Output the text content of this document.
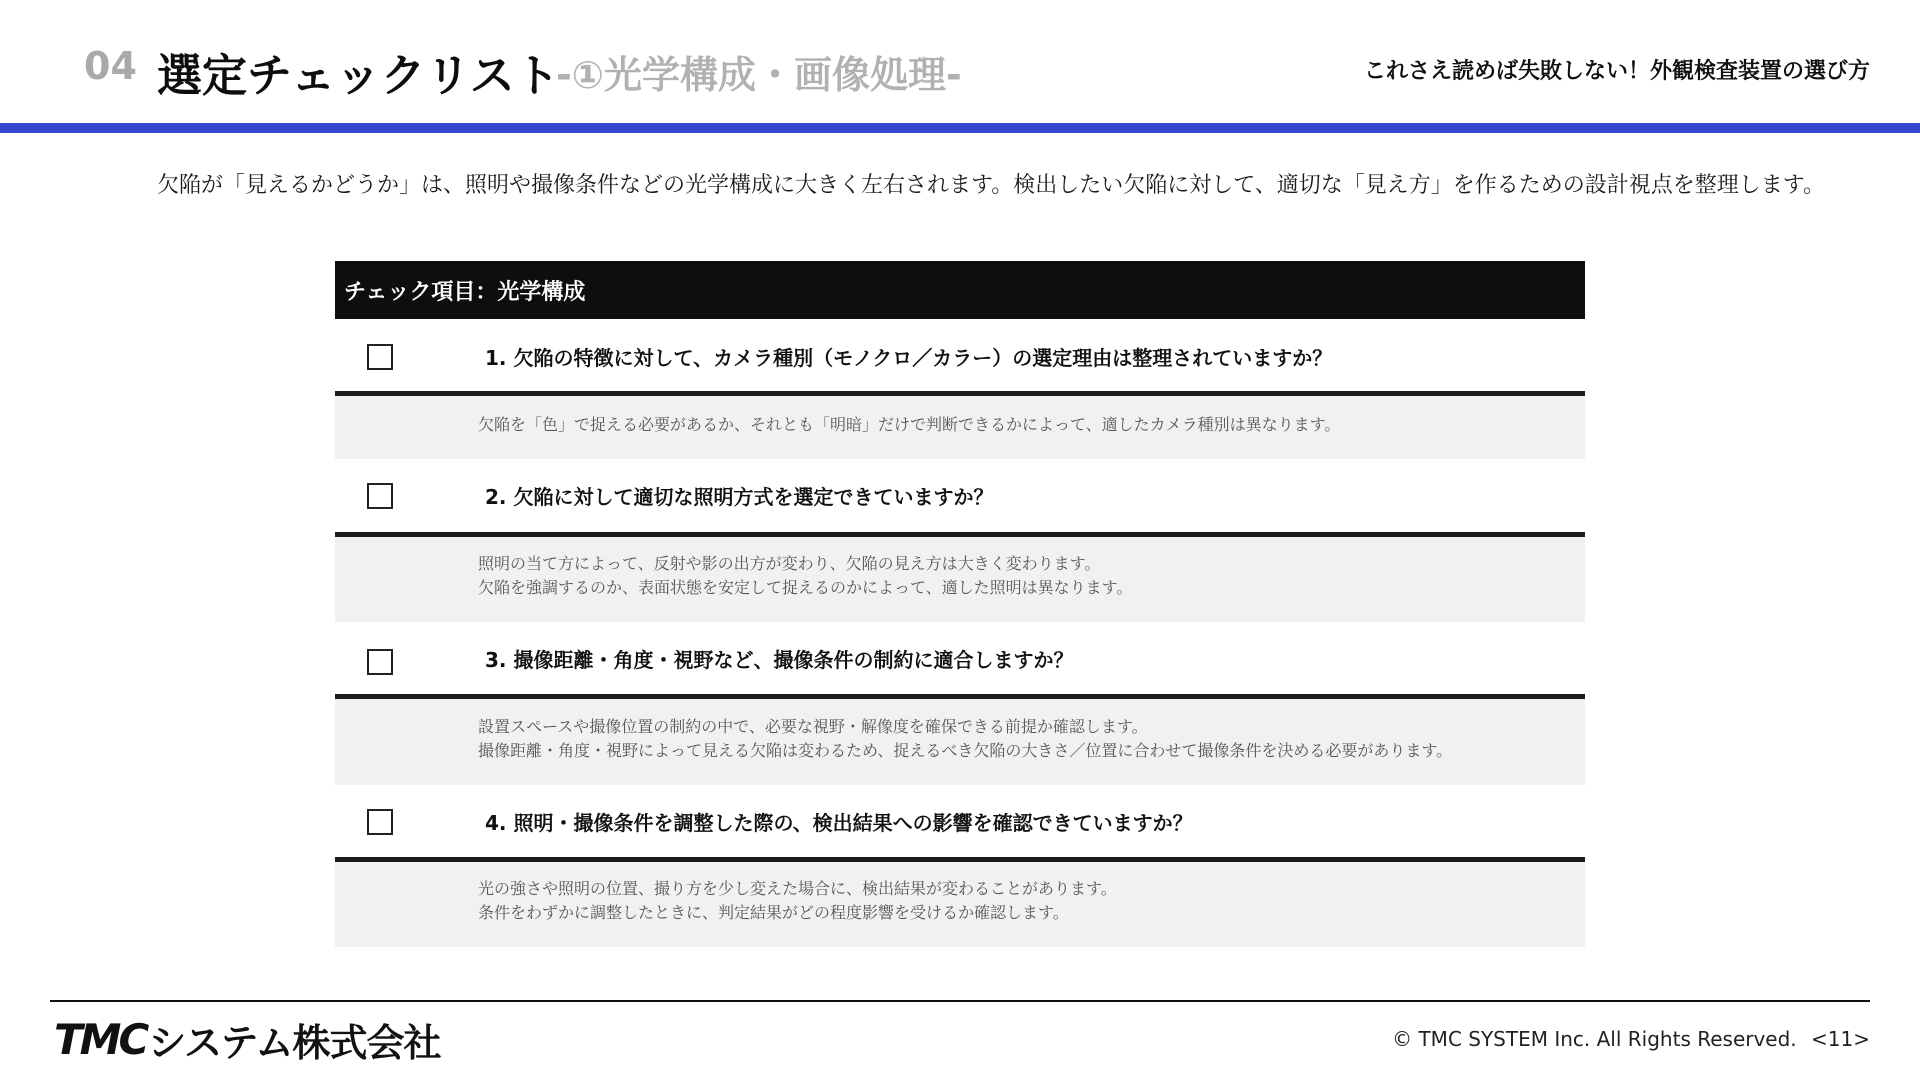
04 選定チェックリスト
-①光学構成・画像処理-	これさえ読めば失敗しない！外観検査装置の選び方

欠陥が「見えるかどうか」は、照明や撮像条件などの光学構成に大きく左右されます。検出したい欠陥に対して、適切な「見え方」を作るための設計視点を整理します。

チェック項目：光学構成
1. 欠陥の特徴に対して、カメラ種別（モノクロ／カラー）の選定理由は整理されていますか？
欠陥を「色」で捉える必要があるか、それとも「明暗」だけで判断できるかによって、適したカメラ種別は異なります。
2. 欠陥に対して適切な照明方式を選定できていますか？
照明の当て方によって、反射や影の出方が変わり、欠陥の見え方は大きく変わります。
欠陥を強調するのか、表面状態を安定して捉えるのかによって、適した照明は異なります。
3. 撮像距離・角度・視野など、撮像条件の制約に適合しますか？
設置スペースや撮像位置の制約の中で、必要な視野・解像度を確保できる前提か確認します。
撮像距離・角度・視野によって見える欠陥は変わるため、捉えるべき欠陥の大きさ／位置に合わせて撮像条件を決める必要があります。
4. 照明・撮像条件を調整した際の、検出結果への影響を確認できていますか？
光の強さや照明の位置、撮り方を少し変えた場合に、検出結果が変わることがあります。
条件をわずかに調整したときに、判定結果がどの程度影響を受けるか確認します。
TMC システム株式会社	© TMC SYSTEM Inc. All Rights Reserved. <11>
